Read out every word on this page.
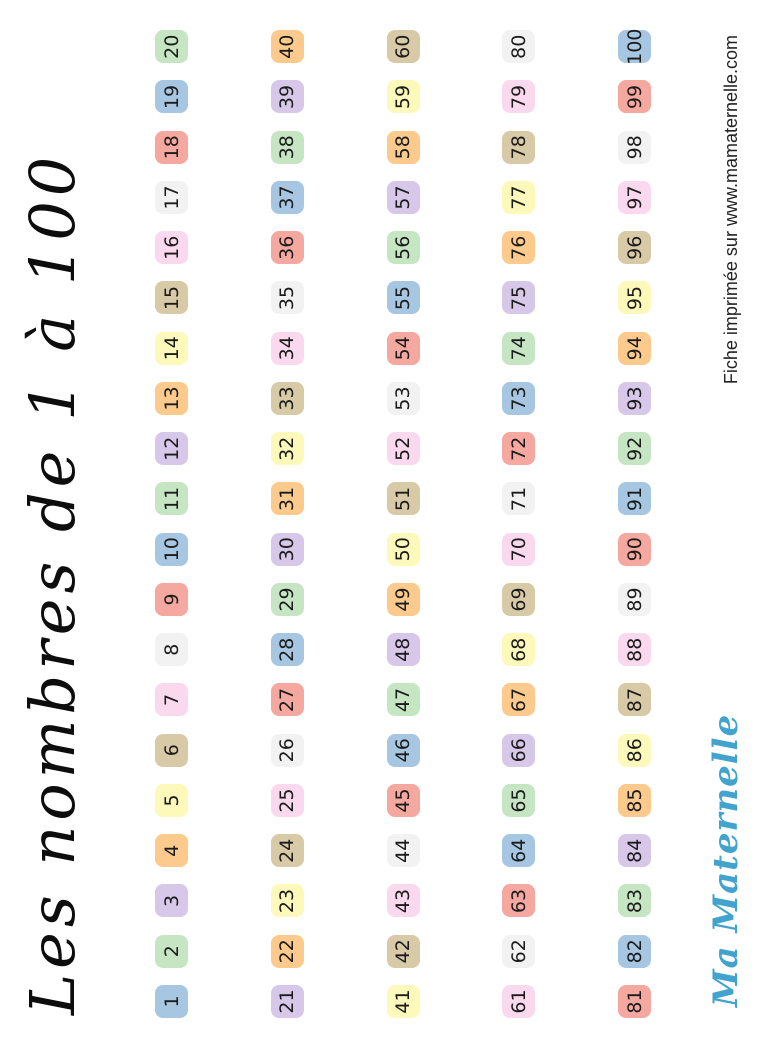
Les nombres de 1 à 100	1
2
3
4
5
6
7
8
9
10
11
12
13
14
15
16
17
18
19
20
21
22
23
24
25
26
27
28
29
30
31
32
33
34
35
36
37
38
39
40
41
42
43
44
45
46
47
48
49
50
51
52
53
54
55
56
57
58
59
60
61
62
63
64
65
66
67
68
69
70
71
72
73
74
75
76
77
78
79
80
81
82
83
84
85
86
87
88
89
90
91
92
93
94
95
96
97
98
99
100
Ma Maternelle
Fiche imprimée sur www.mamaternelle.com
